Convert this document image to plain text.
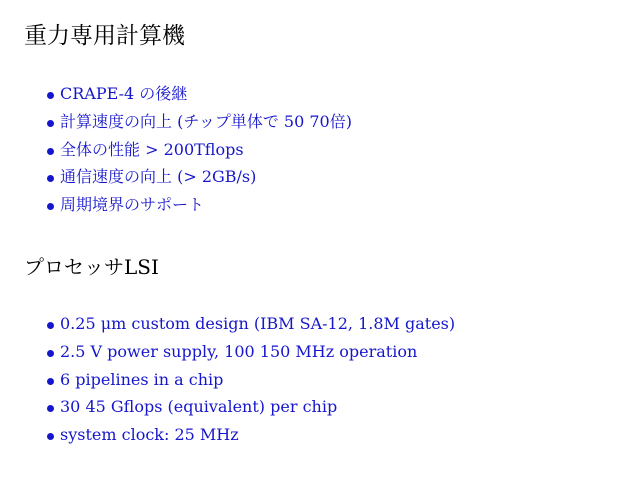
重力専用計算機
CRAPE-4 の後継
計算速度の向上 (チップ単体で 50 70倍)
全体の性能 > 200Tflops
通信速度の向上 (> 2GB/s)
周期境界のサポート
プロセッサLSI
0.25 μm custom design (IBM SA-12, 1.8M gates)
2.5 V power supply, 100 150 MHz operation
6 pipelines in a chip
30 45 Gflops (equivalent) per chip
system clock: 25 MHz
